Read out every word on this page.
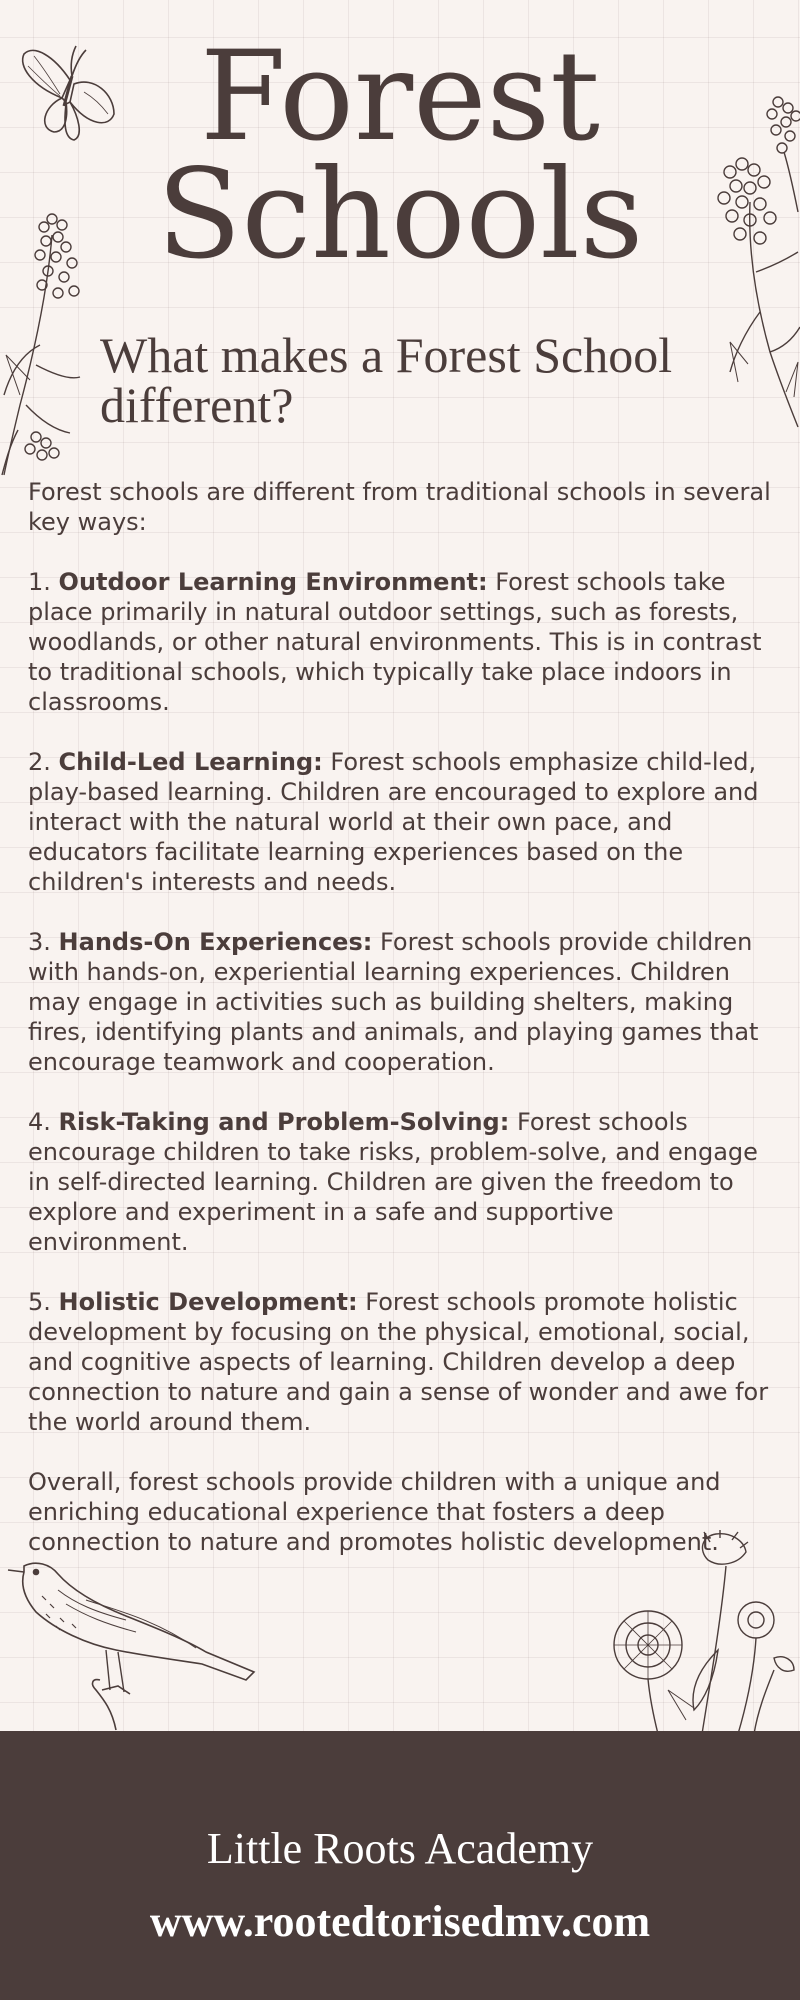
Forest
Schools
What makes a Forest School different?

Forest schools are different from traditional schools in several key ways:

1. Outdoor Learning Environment: Forest schools take place primarily in natural outdoor settings, such as forests, woodlands, or other natural environments. This is in contrast to traditional schools, which typically take place indoors in classrooms.

2. Child-Led Learning: Forest schools emphasize child-led, play-based learning. Children are encouraged to explore and interact with the natural world at their own pace, and educators facilitate learning experiences based on the children's interests and needs.

3. Hands-On Experiences: Forest schools provide children with hands-on, experiential learning experiences. Children may engage in activities such as building shelters, making fires, identifying plants and animals, and playing games that encourage teamwork and cooperation.

4. Risk-Taking and Problem-Solving: Forest schools encourage children to take risks, problem-solve, and engage in self-directed learning. Children are given the freedom to explore and experiment in a safe and supportive environment.

5. Holistic Development: Forest schools promote holistic development by focusing on the physical, emotional, social, and cognitive aspects of learning. Children develop a deep connection to nature and gain a sense of wonder and awe for the world around them.

Overall, forest schools provide children with a unique and enriching educational experience that fosters a deep connection to nature and promotes holistic development.

Little Roots Academy
www.rootedtorisedmv.com
